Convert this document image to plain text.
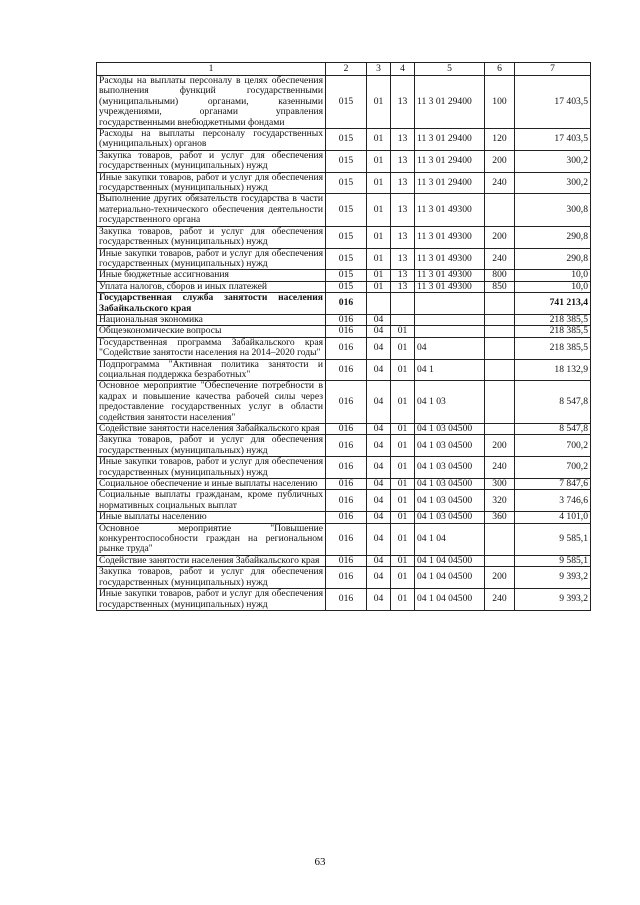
1	2	3	4	5	6	7
Расходы на выплаты персоналу в целях обеспечения выполнения функций государственными (муниципальными) органами, казенными учреждениями, органами управления государственными внебюджетными фондами	015	01	13	11 3 01 29400	100	17 403,5
Расходы на выплаты персоналу государственных (муниципальных) органов	015	01	13	11 3 01 29400	120	17 403,5
Закупка товаров, работ и услуг для обеспечения государственных (муниципальных) нужд	015	01	13	11 3 01 29400	200	300,2
Иные закупки товаров, работ и услуг для обеспечения государственных (муниципальных) нужд	015	01	13	11 3 01 29400	240	300,2
Выполнение других обязательств государства в части материально-технического обеспечения деятельности государственного органа	015	01	13	11 3 01 49300		300,8
Закупка товаров, работ и услуг для обеспечения государственных (муниципальных) нужд	015	01	13	11 3 01 49300	200	290,8
Иные закупки товаров, работ и услуг для обеспечения государственных (муниципальных) нужд	015	01	13	11 3 01 49300	240	290,8
Иные бюджетные ассигнования	015	01	13	11 3 01 49300	800	10,0
Уплата налогов, сборов и иных платежей	015	01	13	11 3 01 49300	850	10,0
Государственная служба занятости населения Забайкальского края	016					741 213,4
Национальная экономика	016	04				218 385,5
Общеэкономические вопросы	016	04	01			218 385,5
Государственная программа Забайкальского края "Содействие занятости населения на 2014–2020 годы"	016	04	01	04		218 385,5
Подпрограмма "Активная политика занятости и социальная поддержка безработных"	016	04	01	04 1		18 132,9
Основное мероприятие "Обеспечение потребности в кадрах и повышение качества рабочей силы через предоставление государственных услуг в области содействия занятости населения"	016	04	01	04 1 03		8 547,8
Содействие занятости населения Забайкальского края	016	04	01	04 1 03 04500		8 547,8
Закупка товаров, работ и услуг для обеспечения государственных (муниципальных) нужд	016	04	01	04 1 03 04500	200	700,2
Иные закупки товаров, работ и услуг для обеспечения государственных (муниципальных) нужд	016	04	01	04 1 03 04500	240	700,2
Социальное обеспечение и иные выплаты населению	016	04	01	04 1 03 04500	300	7 847,6
Социальные выплаты гражданам, кроме публичных нормативных социальных выплат	016	04	01	04 1 03 04500	320	3 746,6
Иные выплаты населению	016	04	01	04 1 03 04500	360	4 101,0
Основное мероприятие "Повышение конкурентоспособности граждан на региональном рынке труда"	016	04	01	04 1 04		9 585,1
Содействие занятости населения Забайкальского края	016	04	01	04 1 04 04500		9 585,1
Закупка товаров, работ и услуг для обеспечения государственных (муниципальных) нужд	016	04	01	04 1 04 04500	200	9 393,2
Иные закупки товаров, работ и услуг для обеспечения государственных (муниципальных) нужд	016	04	01	04 1 04 04500	240	9 393,2
63
